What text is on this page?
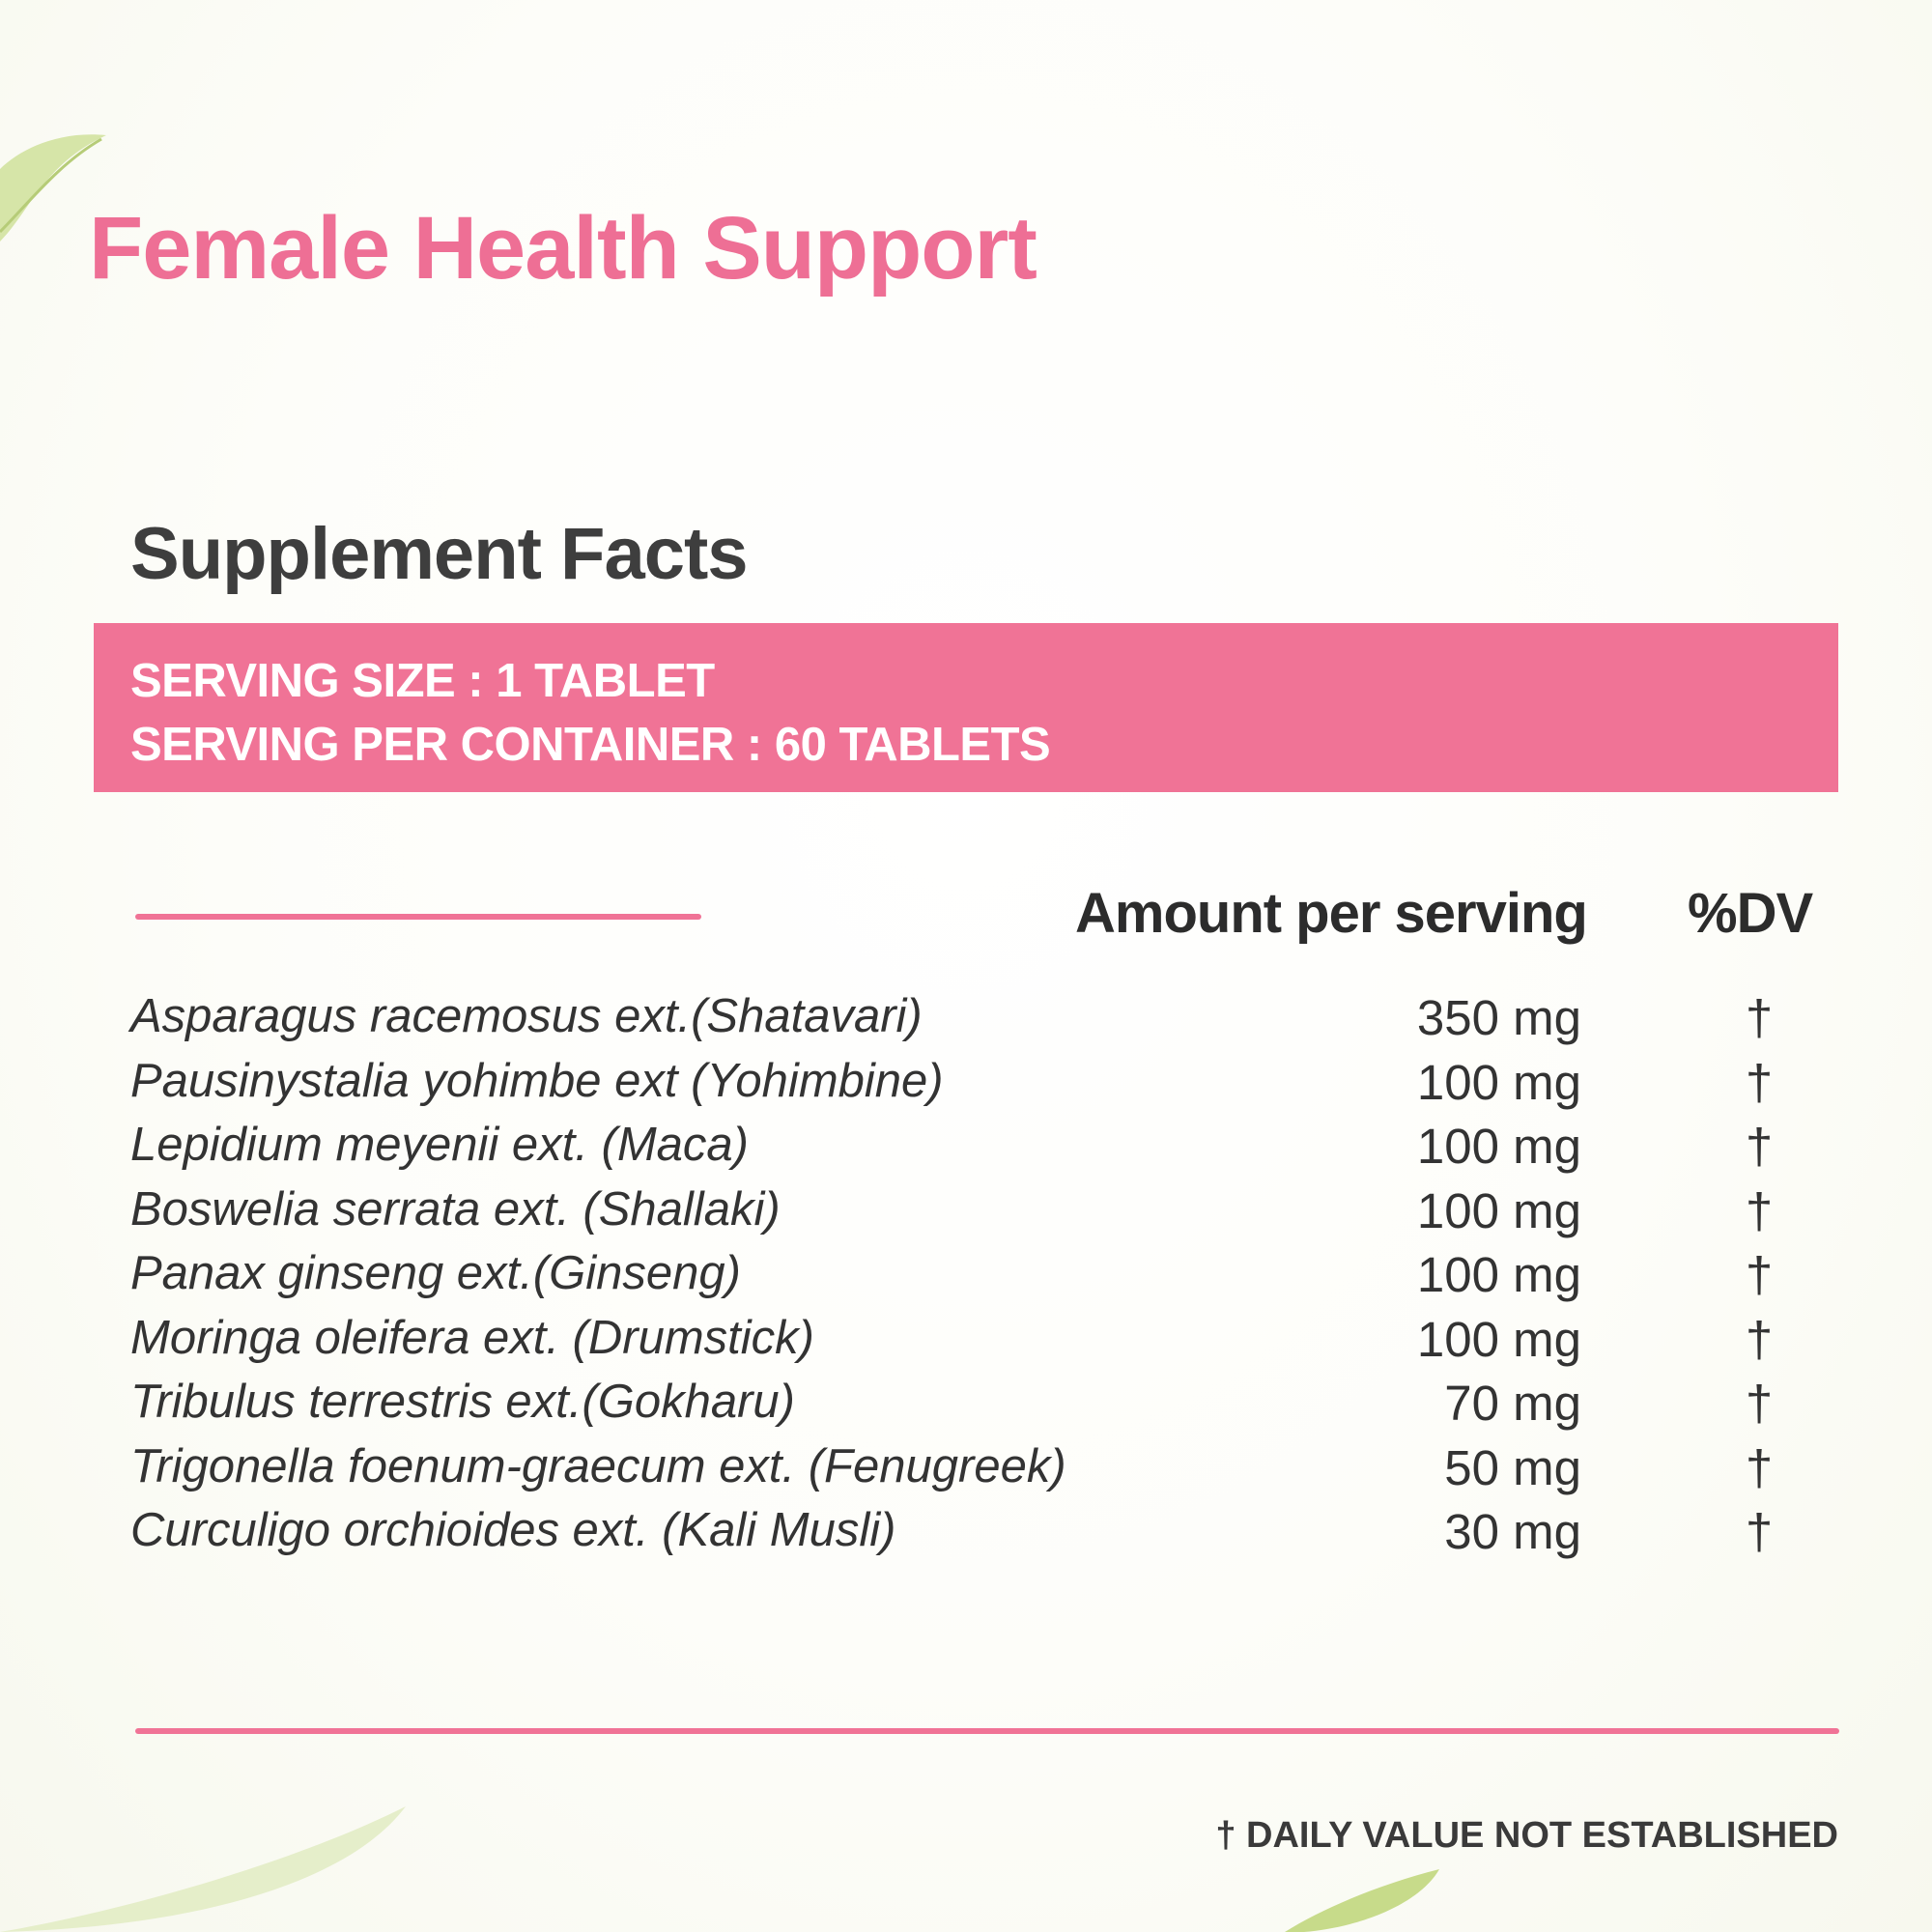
Female Health Support
Supplement Facts
SERVING SIZE : 1 TABLET
SERVING PER CONTAINER : 60 TABLETS
Amount per serving %DV
Asparagus racemosus ext.(Shatavari)	350 mg	†
Pausinystalia yohimbe ext (Yohimbine)	100 mg	†
Lepidium meyenii ext. (Maca)	100 mg	†
Boswelia serrata ext. (Shallaki)	100 mg	†
Panax ginseng ext.(Ginseng)	100 mg	†
Moringa oleifera ext. (Drumstick)	100 mg	†
Tribulus terrestris ext.(Gokharu)	70 mg	†
Trigonella foenum-graecum ext. (Fenugreek)	50 mg	†
Curculigo orchioides ext. (Kali Musli)	30 mg	†
† DAILY VALUE NOT ESTABLISHED
